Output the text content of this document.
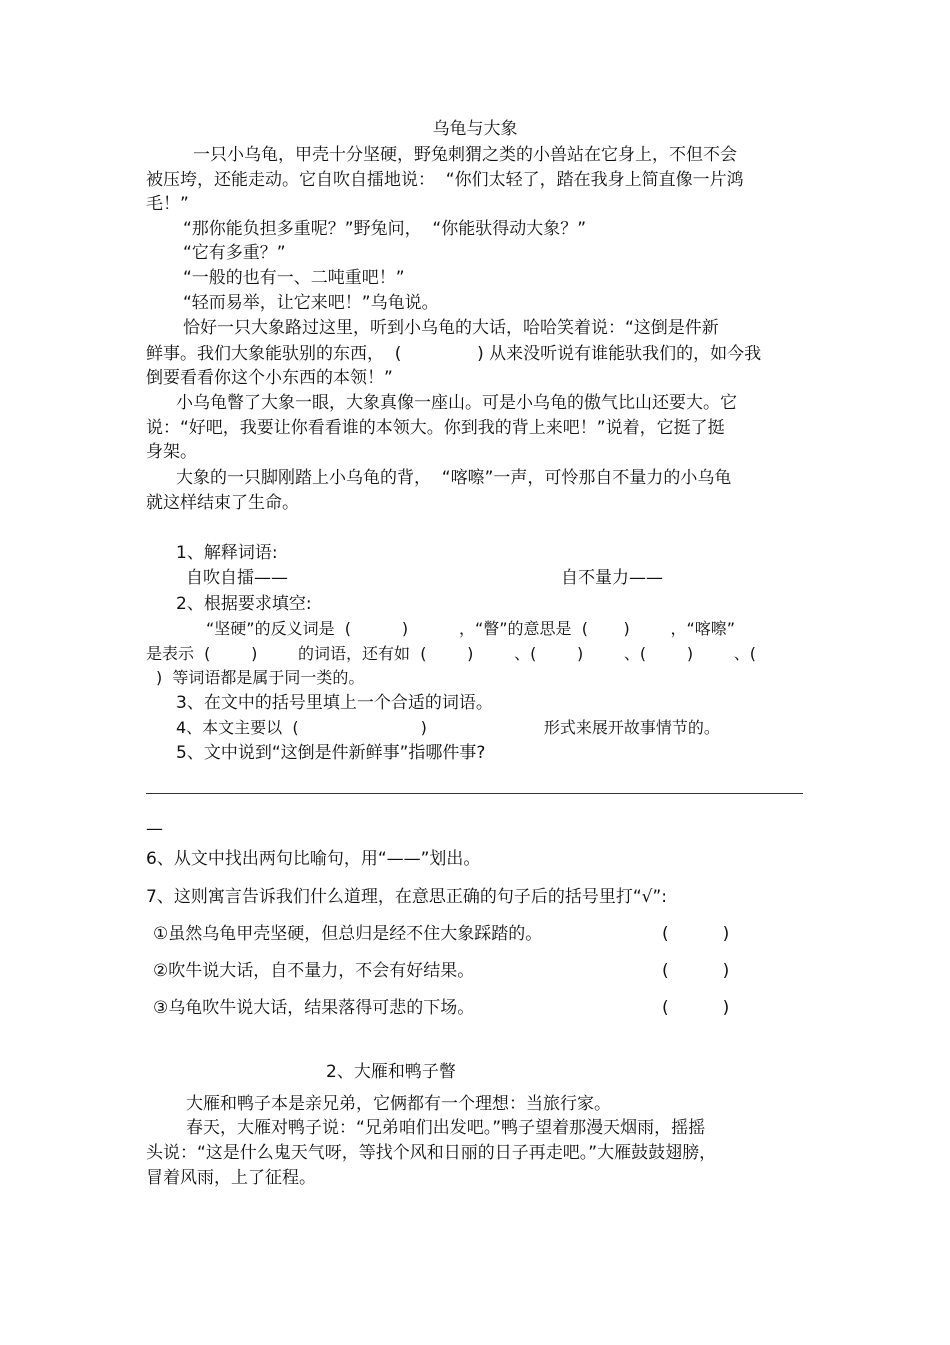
乌龟与大象
一只小乌龟，甲壳十分坚硬，野兔刺猬之类的小兽站在它身上，不但不会
被压垮，还能走动。它自吹自擂地说：  “你们太轻了，踏在我身上简直像一片鸿
毛！”
“那你能负担多重呢？”野兔问，  “你能驮得动大象？”
“它有多重？”
“一般的也有一、二吨重吧！”
“轻而易举，让它来吧！”乌龟说。
恰好一只大象路过这里，听到小乌龟的大话，哈哈笑着说：“这倒是件新
鲜事。我们大象能驮别的东西，  (              ) 从来没听说有谁能驮我们的，如今我
倒要看看你这个小东西的本领！”
小乌龟瞥了大象一眼，大象真像一座山。可是小乌龟的傲气比山还要大。它
说：“好吧，我要让你看看谁的本领大。你到我的背上来吧！”说着，它挺了挺
身架。
大象的一只脚刚踏上小乌龟的背，  “喀嚓”一声，可怜那自不量力的小乌龟
就这样结束了生命。
1、解释词语:
自吹自擂——	自不量力——
2、根据要求填空:
“坚硬”的反义词是  (          )          ，“瞥”的意思是  (       )        ，“喀嚓”
是表示  (        )        的词语，还有如  (        )        、(        )        、(        )        、(
)  等词语都是属于同一类的。
3、在文中的括号里填上一个合适的词语。
4、本文主要以  (                        )                       形式来展开故事情节的。
5、文中说到“这倒是件新鲜事”指哪件事?
—
6、从文中找出两句比喻句，用“——”划出。
7、这则寓言告诉我们什么道理，在意思正确的句子后的括号里打“√”:
①虽然乌龟甲壳坚硬，但总归是经不住大象踩踏的。	(          )
②吹牛说大话，自不量力，不会有好结果。	(          )
③乌龟吹牛说大话，结果落得可悲的下场。	(          )
2、大雁和鸭子瞥
大雁和鸭子本是亲兄弟，它俩都有一个理想：当旅行家。
春天，大雁对鸭子说：“兄弟咱们出发吧。”鸭子望着那漫天烟雨，摇摇
头说：“这是什么鬼天气呀，等找个风和日丽的日子再走吧。”大雁鼓鼓翅膀，
冒着风雨，上了征程。
